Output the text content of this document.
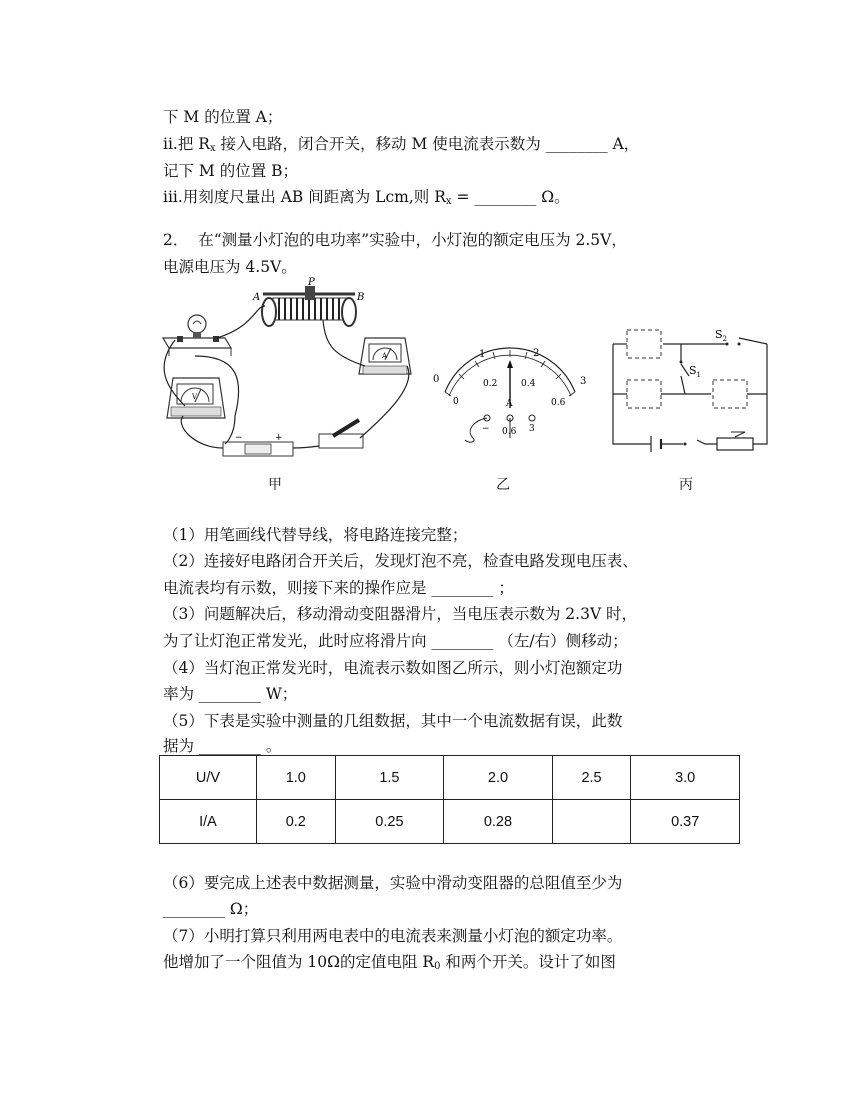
下 M 的位置 A；
ii.把 $R_x$ 接入电路，闭合开关，移动 M 使电流表示数为 ________ A，
记下 M 的位置 B；
iii.用刻度尺量出 AB 间距离为 Lcm,则 $R_x$ = ________ Ω。
2．  在“测量小灯泡的电功率”实验中，小灯泡的额定电压为 2.5V，
电源电压为 4.5V。
A
P
B
A
V
−	+
甲
0
1	2
3
0
0.2	0.4
0.6
A
− 0.6 3
乙
$S_2$
$S_1$
丙
（1）用笔画线代替导线，将电路连接完整；
（2）连接好电路闭合开关后，发现灯泡不亮，检查电路发现电压表、
电流表均有示数，则接下来的操作应是 ________ ；
（3）问题解决后，移动滑动变阻器滑片，当电压表示数为 2.3V 时，
为了让灯泡正常发光，此时应将滑片向 ________ （左/右）侧移动；
（4）当灯泡正常发光时，电流表示数如图乙所示，则小灯泡额定功
率为 ________ W；
（5）下表是实验中测量的几组数据，其中一个电流数据有误，此数
据为 ________ 。
U/V	1.0	1.5	2.0	2.5	3.0
I/A	0.2	0.25	0.28		0.37
（6）要完成上述表中数据测量，实验中滑动变阻器的总阻值至少为
________ Ω；
（7）小明打算只利用两电表中的电流表来测量小灯泡的额定功率。
他增加了一个阻值为 10Ω的定值电阻 $R_0$ 和两个开关。设计了如图
